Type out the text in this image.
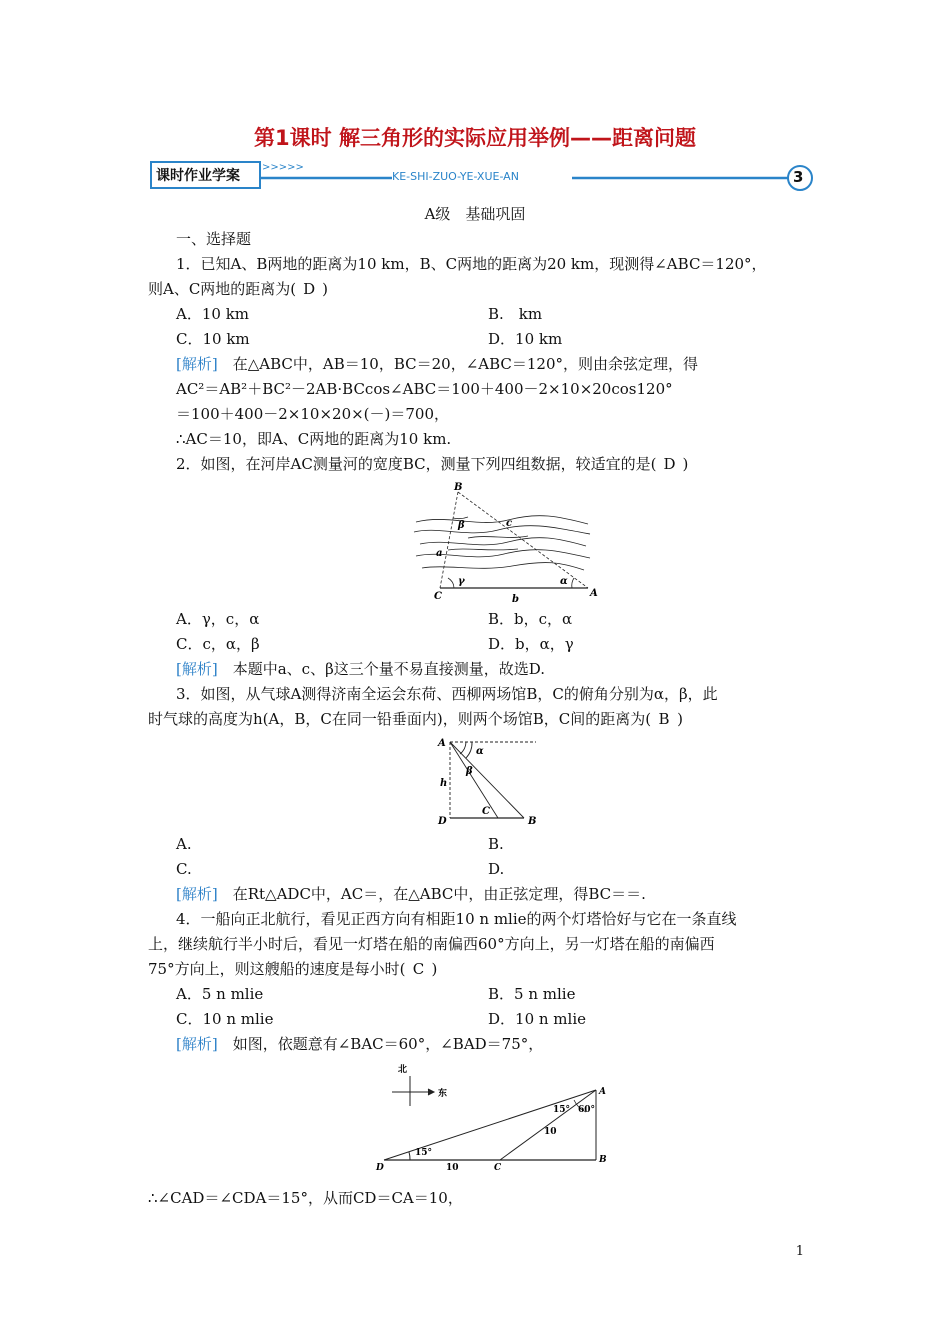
第1课时 解三角形的实际应用举例——距离问题
课时作业学案
>>>>>
KE-SHI-ZUO-YE-XUE-AN	3
A级　基础巩固
一、选择题
1．已知A、B两地的距离为10 km，B、C两地的距离为20 km，现测得∠ABC＝120°，
则A、C两地的距离为( D )
A．10 km	B.　km
C．10 km	D．10 km
[解析]　 在△ABC中，AB＝10，BC＝20，∠ABC＝120°，则由余弦定理，得
AC²＝AB²＋BC²－2AB·BCcos∠ABC＝100＋400－2×10×20cos120°
＝100＋400－2×10×20×(－)＝700，
∴AC＝10，即A、C两地的距离为10 km.
2．如图，在河岸AC测量河的宽度BC，测量下列四组数据，较适宜的是( D )
B
β	c
a
γ	α
C	A
b
A．γ，c，α	B．b，c，α
C．c，α，β	D．b，α，γ
[解析]　 本题中a、c、β这三个量不易直接测量，故选D.
3．如图，从气球A测得济南全运会东荷、西柳两场馆B，C的俯角分别为α，β，此
时气球的高度为h(A，B，C在同一铅垂面内)，则两个场馆B，C间的距离为( B )
A
α
β
h
C
D	B
A.	B.
C.	D.
[解析]　 在Rt△ADC中，AC＝，在△ABC中，由正弦定理，得BC＝＝.
4．一船向正北航行，看见正西方向有相距10 n mlie的两个灯塔恰好与它在一条直线
上，继续航行半小时后，看见一灯塔在船的南偏西60°方向上，另一灯塔在船的南偏西
75°方向上，则这艘船的速度是每小时( C )
A．5 n mlie	B．5 n mlie
C．10 n mlie	D．10 n mlie
[解析]　 如图，依题意有∠BAC＝60°，∠BAD＝75°，
北
东	A
15° 60°
10
15°
D	10	C
B
∴∠CAD＝∠CDA＝15°，从而CD＝CA＝10，
1
